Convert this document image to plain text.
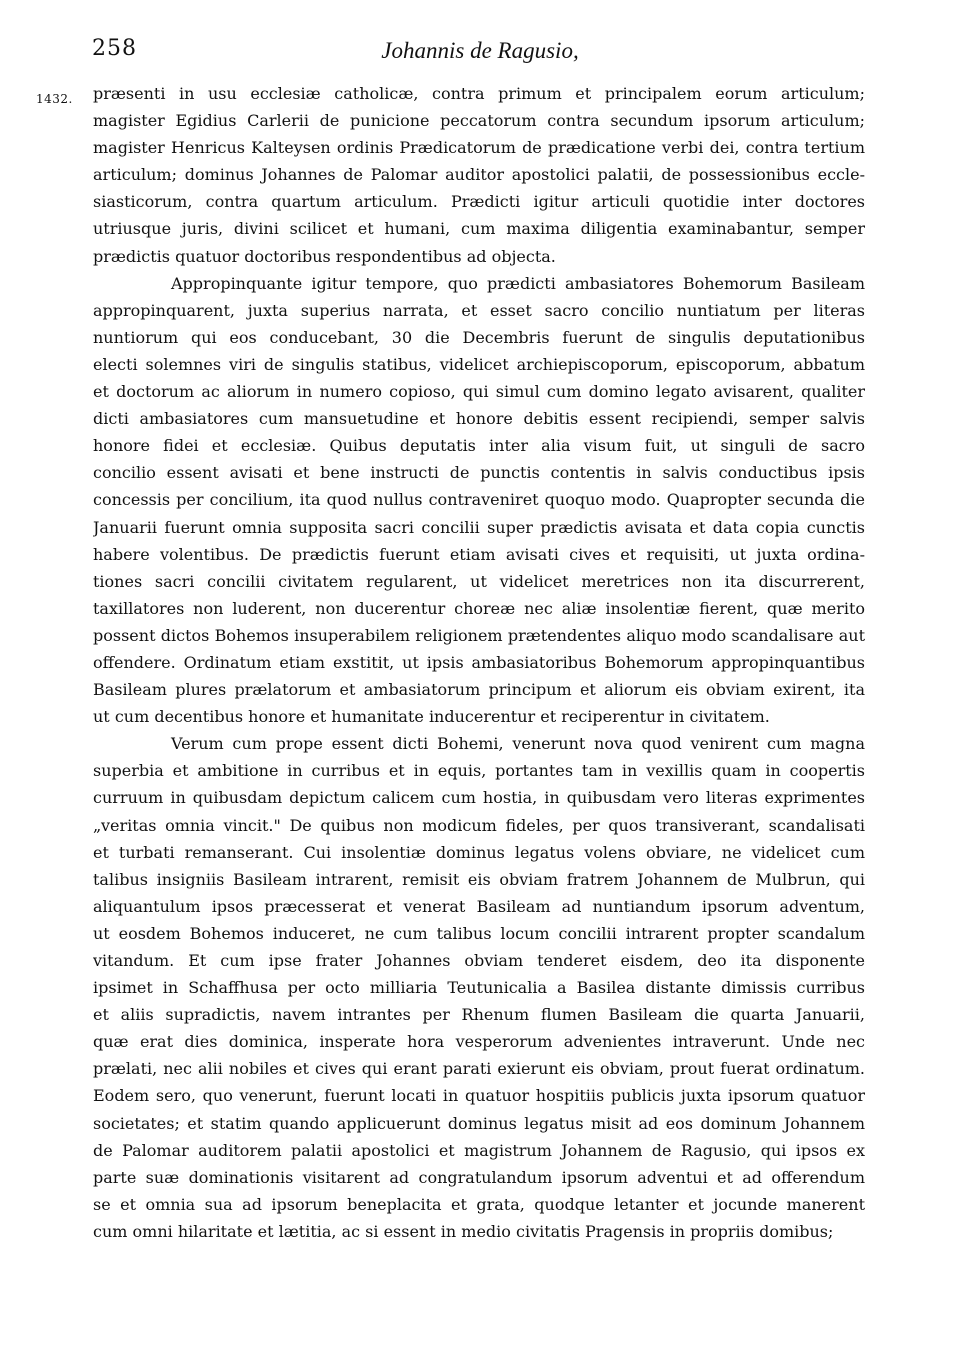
258	Johannis de Ragusio,
1432. præsenti in usu ecclesiæ catholicæ, contra primum et principalem eorum articulum;
magister Egidius Carlerii de punicione peccatorum contra secundum ipsorum articulum;
magister Henricus Kalteysen ordinis Prædicatorum de prædicatione verbi dei, contra tertium
articulum; dominus Johannes de Palomar auditor apostolici palatii, de possessionibus eccle-
siasticorum, contra quartum articulum. Prædicti igitur articuli quotidie inter doctores
utriusque juris, divini scilicet et humani, cum maxima diligentia examinabantur, semper
prædictis quatuor doctoribus respondentibus ad objecta.
Appropinquante igitur tempore, quo prædicti ambasiatores Bohemorum Basileam
appropinquarent, juxta superius narrata, et esset sacro concilio nuntiatum per literas
nuntiorum qui eos conducebant, 30 die Decembris fuerunt de singulis deputationibus
electi solemnes viri de singulis statibus, videlicet archiepiscoporum, episcoporum, abbatum
et doctorum ac aliorum in numero copioso, qui simul cum domino legato avisarent, qualiter
dicti ambasiatores cum mansuetudine et honore debitis essent recipiendi, semper salvis
honore fidei et ecclesiæ. Quibus deputatis inter alia visum fuit, ut singuli de sacro
concilio essent avisati et bene instructi de punctis contentis in salvis conductibus ipsis
concessis per concilium, ita quod nullus contraveniret quoquo modo. Quapropter secunda die
Januarii fuerunt omnia supposita sacri concilii super prædictis avisata et data copia cunctis
habere volentibus. De prædictis fuerunt etiam avisati cives et requisiti, ut juxta ordina-
tiones sacri concilii civitatem regularent, ut videlicet meretrices non ita discurrerent,
taxillatores non luderent, non ducerentur choreæ nec aliæ insolentiæ fierent, quæ merito
possent dictos Bohemos insuperabilem religionem prætendentes aliquo modo scandalisare aut
offendere. Ordinatum etiam exstitit, ut ipsis ambasiatoribus Bohemorum appropinquantibus
Basileam plures prælatorum et ambasiatorum principum et aliorum eis obviam exirent, ita
ut cum decentibus honore et humanitate inducerentur et reciperentur in civitatem.
Verum cum prope essent dicti Bohemi, venerunt nova quod venirent cum magna
superbia et ambitione in curribus et in equis, portantes tam in vexillis quam in coopertis
curruum in quibusdam depictum calicem cum hostia, in quibusdam vero literas exprimentes
„veritas omnia vincit." De quibus non modicum fideles, per quos transiverant, scandalisati
et turbati remanserant. Cui insolentiæ dominus legatus volens obviare, ne videlicet cum
talibus insigniis Basileam intrarent, remisit eis obviam fratrem Johannem de Mulbrun, qui
aliquantulum ipsos præcesserat et venerat Basileam ad nuntiandum ipsorum adventum,
ut eosdem Bohemos induceret, ne cum talibus locum concilii intrarent propter scandalum
vitandum. Et cum ipse frater Johannes obviam tenderet eisdem, deo ita disponente
ipsimet in Schaffhusa per octo milliaria Teutunicalia a Basilea distante dimissis curribus
et aliis supradictis, navem intrantes per Rhenum flumen Basileam die quarta Januarii,
quæ erat dies dominica, insperate hora vesperorum advenientes intraverunt. Unde nec
prælati, nec alii nobiles et cives qui erant parati exierunt eis obviam, prout fuerat ordinatum.
Eodem sero, quo venerunt, fuerunt locati in quatuor hospitiis publicis juxta ipsorum quatuor
societates; et statim quando applicuerunt dominus legatus misit ad eos dominum Johannem
de Palomar auditorem palatii apostolici et magistrum Johannem de Ragusio, qui ipsos ex
parte suæ dominationis visitarent ad congratulandum ipsorum adventui et ad offerendum
se et omnia sua ad ipsorum beneplacita et grata, quodque letanter et jocunde manerent
cum omni hilaritate et lætitia, ac si essent in medio civitatis Pragensis in propriis domibus;
